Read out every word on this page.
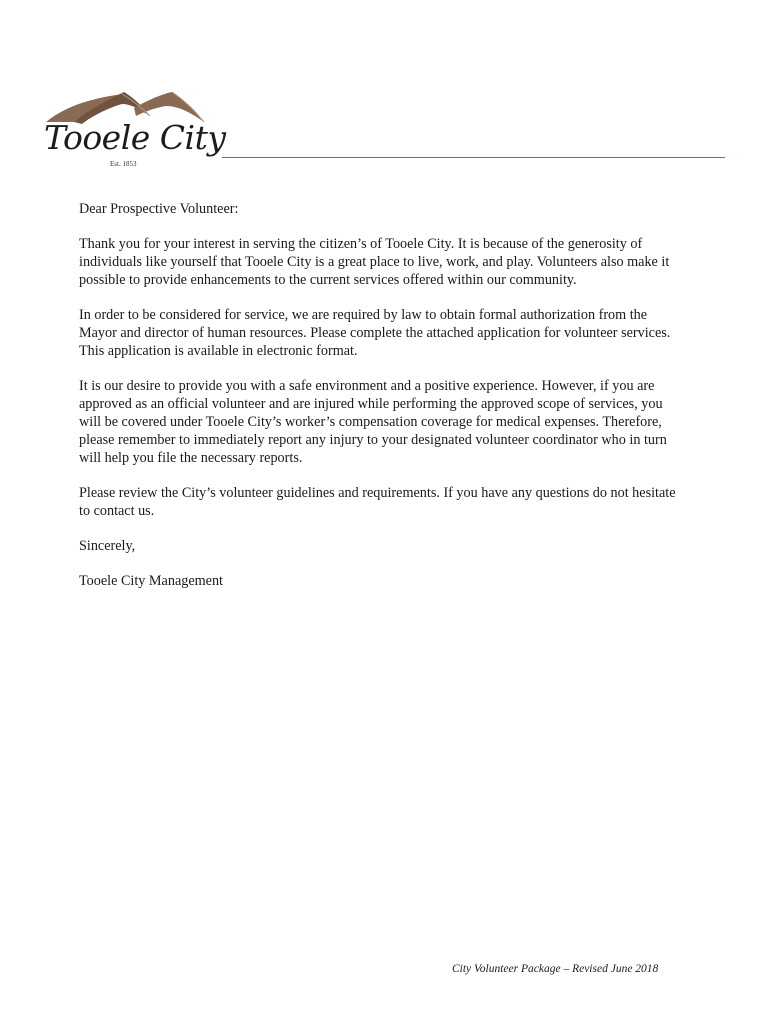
Tooele City
Est. 1853

Dear Prospective Volunteer:

Thank you for your interest in serving the citizen’s of Tooele City. It is because of the generosity of individuals like yourself that Tooele City is a great place to live, work, and play. Volunteers also make it possible to provide enhancements to the current services offered within our community.

In order to be considered for service, we are required by law to obtain formal authorization from the Mayor and director of human resources. Please complete the attached application for volunteer services. This application is available in electronic format.

It is our desire to provide you with a safe environment and a positive experience. However, if you are approved as an official volunteer and are injured while performing the approved scope of services, you will be covered under Tooele City’s worker’s compensation coverage for medical expenses. Therefore, please remember to immediately report any injury to your designated volunteer coordinator who in turn will help you file the necessary reports.

Please review the City’s volunteer guidelines and requirements. If you have any questions do not hesitate to contact us.

Sincerely,

Tooele City Management

City Volunteer Package – Revised June 2018
